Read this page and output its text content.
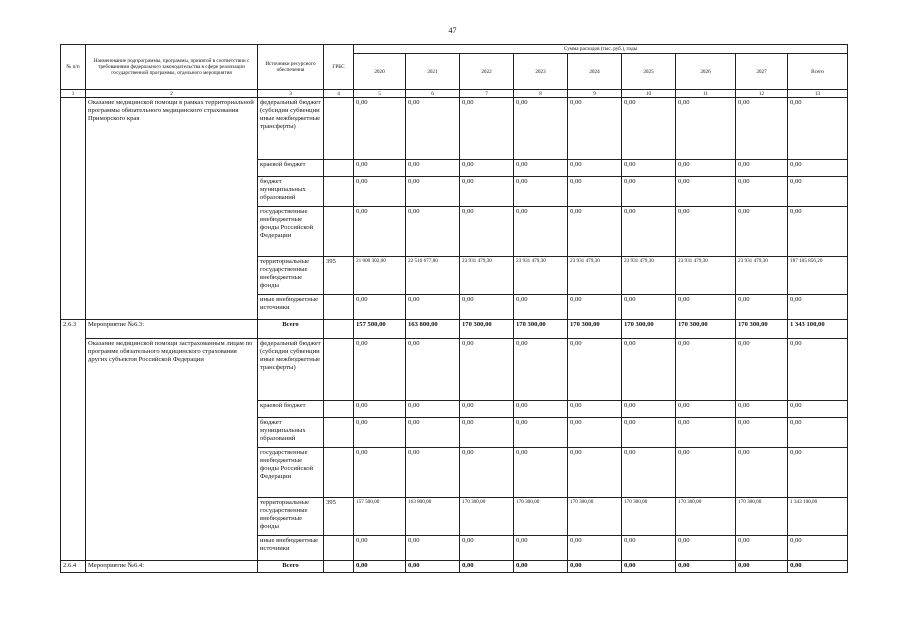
47
№ п/п	Наименование подпрограммы, программы, принятой в соответствии с требованиями федерального законодательства в сфере реализации государственной программы, отдельного мероприятия	Источники ресурсного обеспечения	ГРБС	Сумма расходов (тыс. руб.), годы								
				2020	2021	2022	2023	2024	2025	2026	2027	Всего
1	2	3	4	5	6	7	8	9	10	11	12	13
	Оказание медицинской помощи в рамках территориальной программы обязательного медицинского страхования Приморского края	федеральный бюджет (субсидии субвенции иные межбюджетные трансферты)		0,00	0,00	0,00	0,00	0,00	0,00	0,00	0,00	0,00
		краевой бюджет		0,00	0,00	0,00	0,00	0,00	0,00	0,00	0,00	0,00
		бюджет муниципальных образований		0,00	0,00	0,00	0,00	0,00	0,00	0,00	0,00	0,00
		государственные внебюджетные фонды Российской Федерации		0,00	0,00	0,00	0,00	0,00	0,00	0,00	0,00	0,00
		территориальные государственные внебюджетные фонды	395	21 000 302,60	22 516 677,80	23 931 479,30	23 931 479,30	23 931 479,30	23 931 479,30	23 931 479,30	23 931 479,30	187 105 856,20
		иные внебюджетные источники		0,00	0,00	0,00	0,00	0,00	0,00	0,00	0,00	0,00
2.6.3	Мероприятие №6.3:	Всего		157 500,00	163 800,00	170 300,00	170 300,00	170 300,00	170 300,00	170 300,00	170 300,00	1 343 100,00
	Оказание медицинской помощи застрахованным лицам по программе обязательного медицинского страхования других субъектов Российской Федерации	федеральный бюджет (субсидии субвенции иные межбюджетные трансферты)		0,00	0,00	0,00	0,00	0,00	0,00	0,00	0,00	0,00
		краевой бюджет		0,00	0,00	0,00	0,00	0,00	0,00	0,00	0,00	0,00
		бюджет муниципальных образований		0,00	0,00	0,00	0,00	0,00	0,00	0,00	0,00	0,00
		государственные внебюджетные фонды Российской Федерации		0,00	0,00	0,00	0,00	0,00	0,00	0,00	0,00	0,00
		территориальные государственные внебюджетные фонды	395	157 500,00	163 800,00	170 300,00	170 300,00	170 300,00	170 300,00	170 300,00	170 300,00	1 343 100,00
		иные внебюджетные источники		0,00	0,00	0,00	0,00	0,00	0,00	0,00	0,00	0,00
2.6.4	Мероприятие №6.4:	Всего		0,00	0,00	0,00	0,00	0,00	0,00	0,00	0,00	0,00
